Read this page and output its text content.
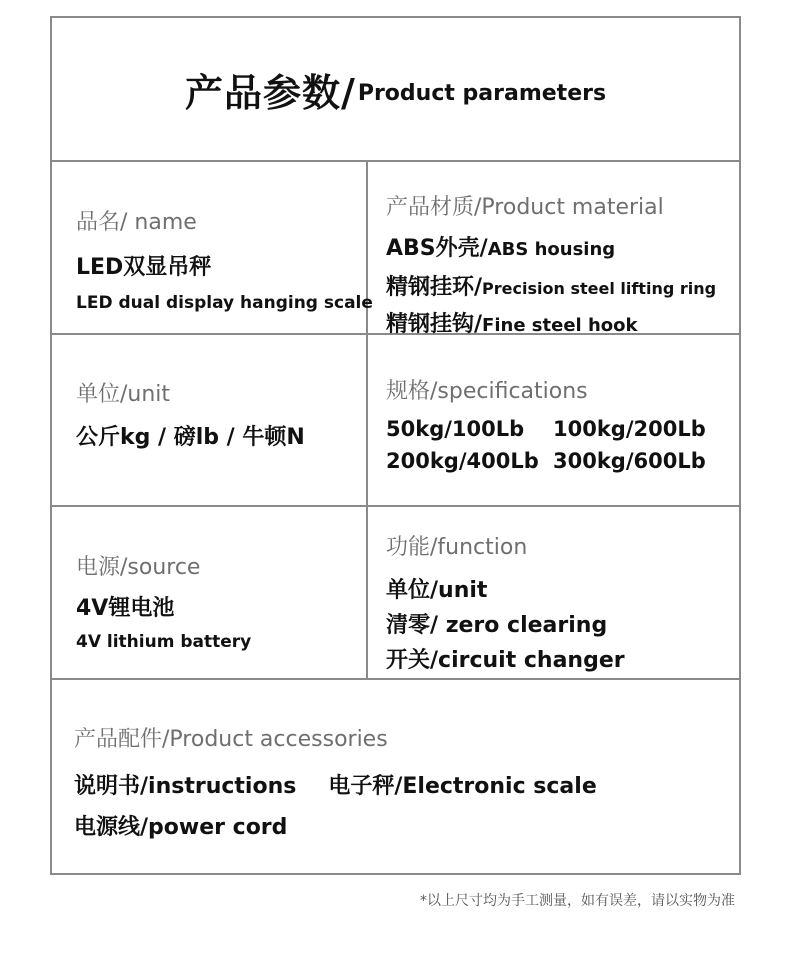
产品参数/ Product parameters

品名/ name

LED双显吊秤

LED dual display hanging scale

产品材质/Product material

ABS外壳/ABS housing

精钢挂环/Precision steel lifting ring

精钢挂钩/Fine steel hook

单位/unit

公斤kg / 磅lb / 牛顿N

规格/specifications

50kg/100Lb	100kg/200Lb
200kg/400Lb 300kg/600Lb

电源/source

4V锂电池

4V lithium battery

功能/function

单位/unit

清零/ zero clearing

开关/circuit changer

产品配件/Product accessories

说明书/instructions 电子秤/Electronic scale

电源线/power cord

*以上尺寸均为手工测量，如有误差，请以实物为准
